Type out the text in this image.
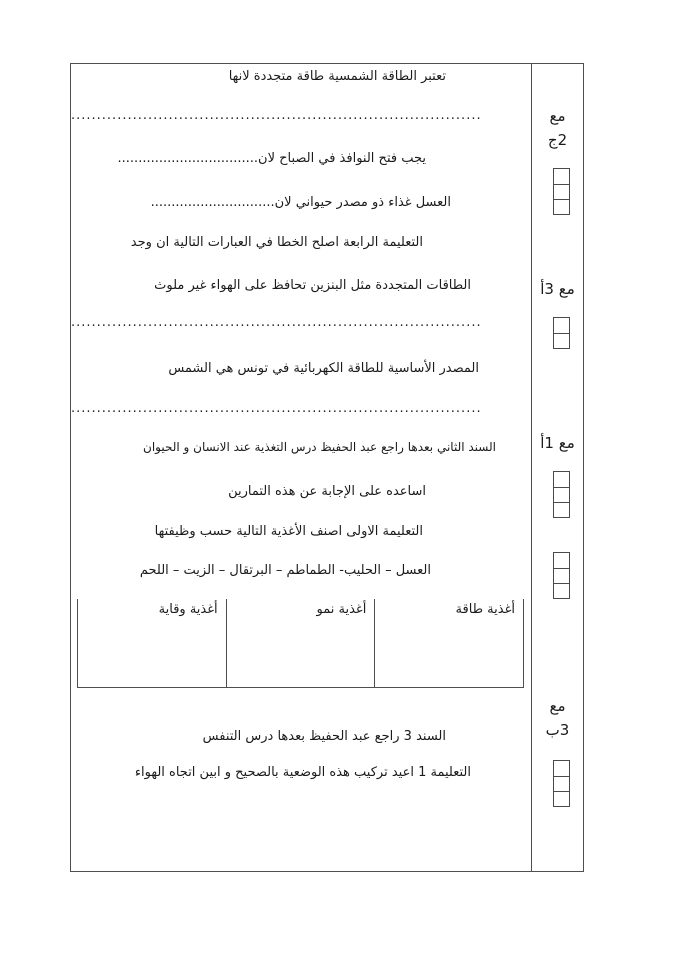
تعتبر الطاقة الشمسية طاقة متجددة لانها
................................................................................
يجب فتح النوافذ في الصباح لان..................................
العسل غذاء ذو مصدر حيواني لان..............................
التعليمة الرابعة اصلح الخطا في العبارات التالية ان وجد
الطاقات المتجددة مثل البنزين تحافظ على الهواء غير ملوث
................................................................................
المصدر الأساسية للطاقة الكهربائية في تونس هي الشمس
................................................................................
السند الثاني بعدها راجع عبد الحفيظ درس التغذية عند الانسان و الحيوان
اساعده على الإجابة عن هذه التمارين
التعليمة الاولى اصنف الأغذية التالية حسب وظيفتها
العسل – الحليب- الطماطم – البرتقال – الزيت – اللحم
أغذية طاقة
أغذية نمو
أغذية وقاية
السند 3 راجع عبد الحفيظ بعدها درس التنفس
التعليمة 1 اعيد تركيب هذه الوضعية بالصحيح و ابين اتجاه الهواء
مع
2ج
مع 3أ
مع 1أ
مع
3ب
